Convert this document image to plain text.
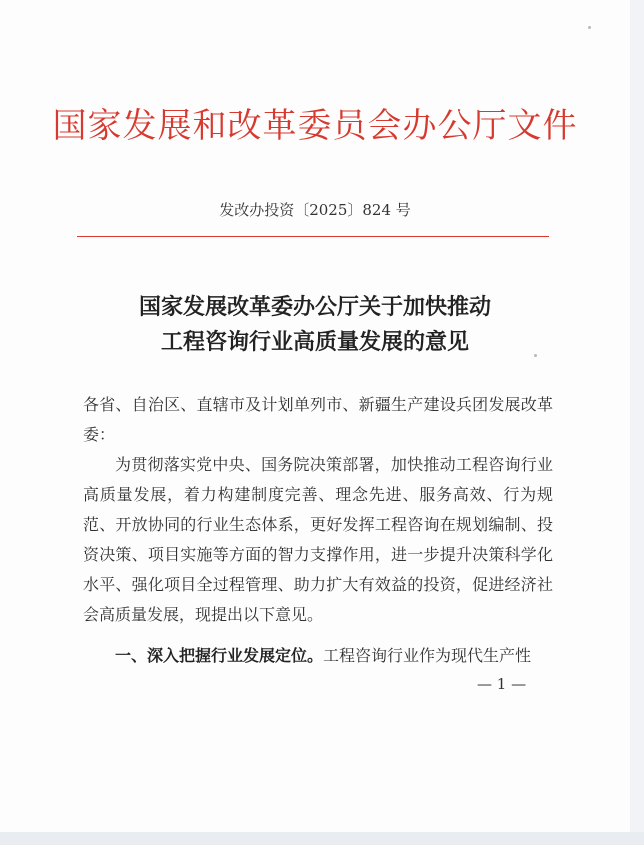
国家发展和改革委员会办公厅文件
发改办投资〔2025〕824 号
国家发展改革委办公厅关于加快推动
工程咨询行业高质量发展的意见
各省、自治区、直辖市及计划单列市、新疆生产建设兵团发展改革委：
为贯彻落实党中央、国务院决策部署，加快推动工程咨询行业高质量发展，着力构建制度完善、理念先进、服务高效、行为规范、开放协同的行业生态体系，更好发挥工程咨询在规划编制、投资决策、项目实施等方面的智力支撑作用，进一步提升决策科学化水平、强化项目全过程管理、助力扩大有效益的投资，促进经济社会高质量发展，现提出以下意见。
一、深入把握行业发展定位。工程咨询行业作为现代生产性
— 1 —
